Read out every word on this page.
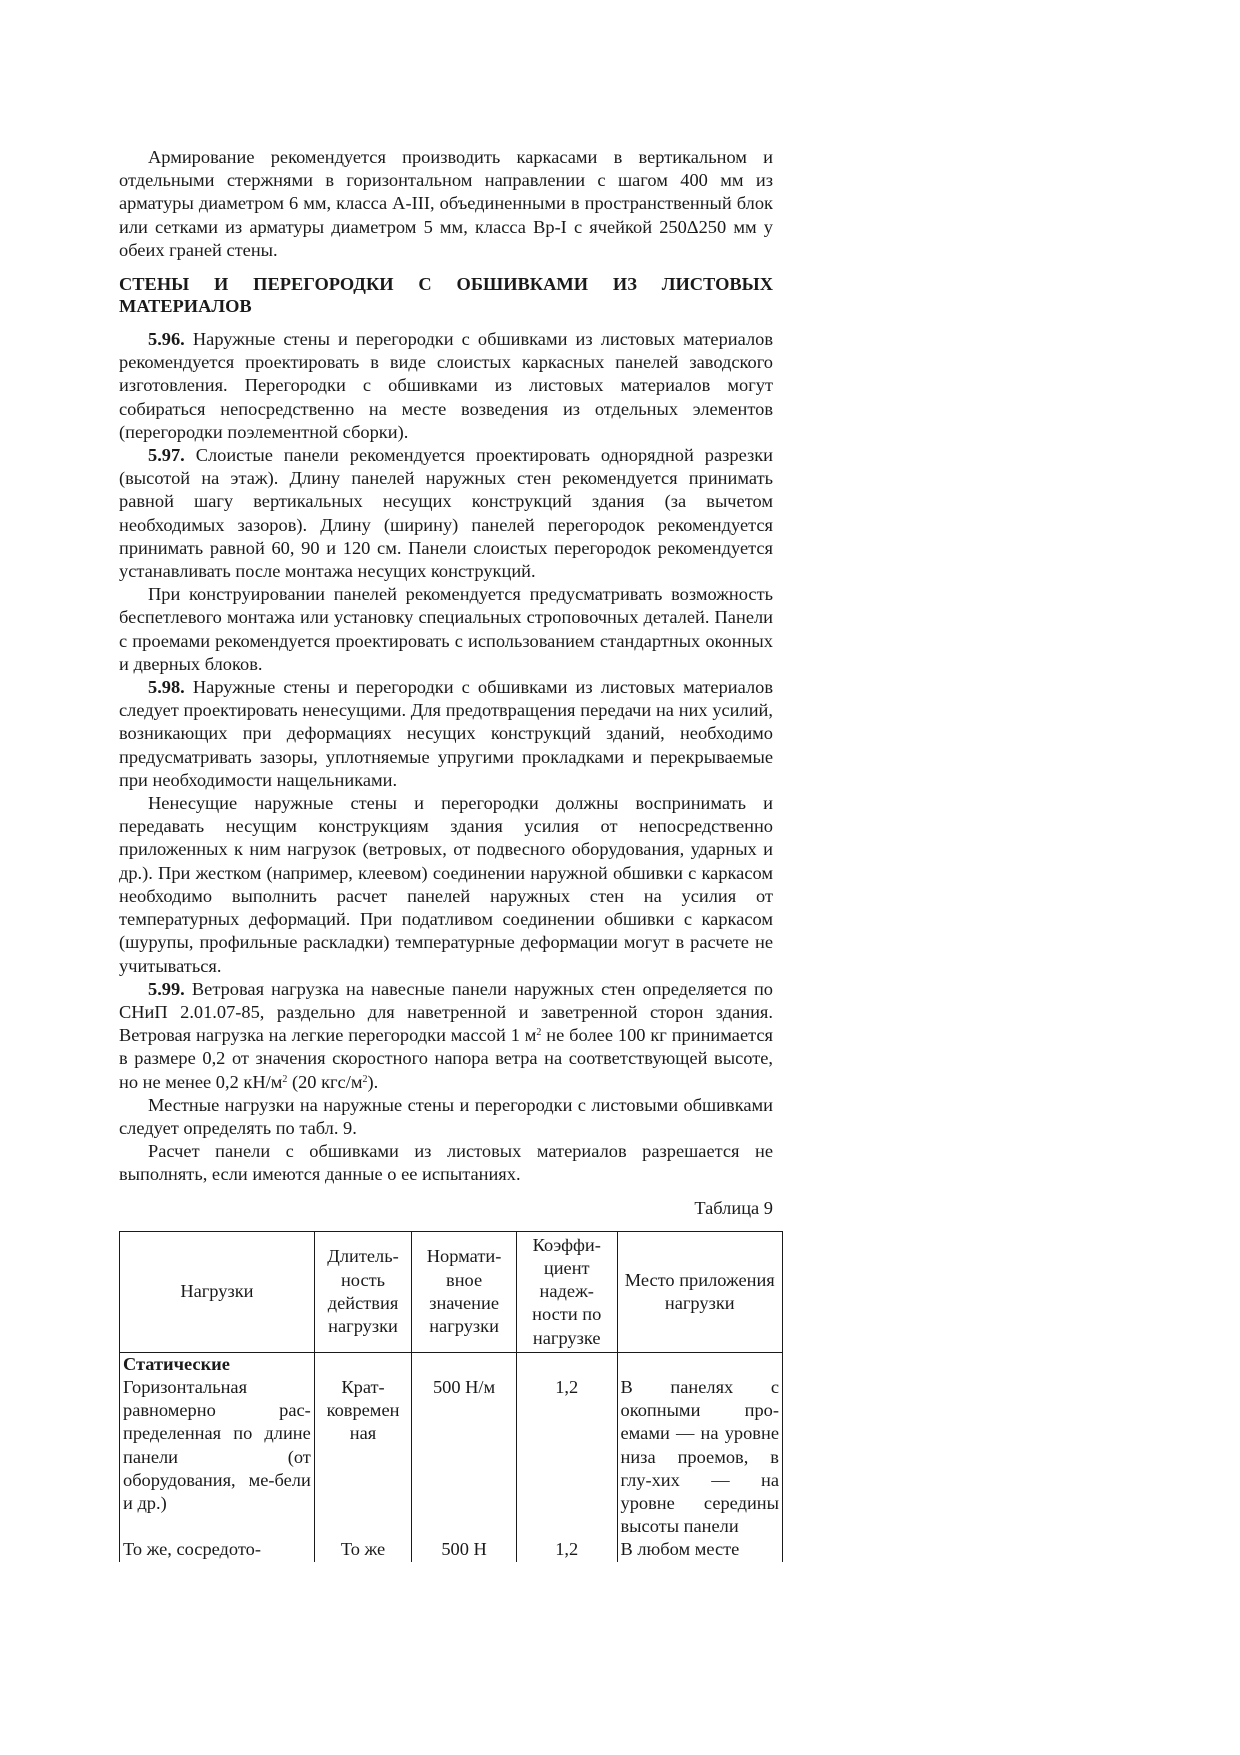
Армирование рекомендуется производить каркасами в вертикальном и отдельными стержнями в горизонтальном направлении с шагом 400 мм из арматуры диаметром 6 мм, класса A-III, объединенными в пространственный блок или сетками из арматуры диаметром 5 мм, класса Вр-I с ячейкой 250Δ250 мм у обеих граней стены.

СТЕНЫ И ПЕРЕГОРОДКИ С ОБШИВКАМИ ИЗ ЛИСТОВЫХ МАТЕРИАЛОВ

5.96. Наружные стены и перегородки с обшивками из листовых материалов рекомендуется проектировать в виде слоистых каркасных панелей заводского изготовления. Перегородки с обшивками из листовых материалов могут собираться непосредственно на месте возведения из отдельных элементов (перегородки поэлементной сборки).

5.97. Слоистые панели рекомендуется проектировать однорядной разрезки (высотой на этаж). Длину панелей наружных стен рекомендуется принимать равной шагу вертикальных несущих конструкций здания (за вычетом необходимых зазоров). Длину (ширину) панелей перегородок рекомендуется принимать равной 60, 90 и 120 см. Панели слоистых перегородок рекомендуется устанавливать после монтажа несущих конструкций.

При конструировании панелей рекомендуется предусматривать возможность беспетлевого монтажа или установку специальных строповочных деталей. Панели с проемами рекомендуется проектировать с использованием стандартных оконных и дверных блоков.

5.98. Наружные стены и перегородки с обшивками из листовых материалов следует проектировать ненесущими. Для предотвращения передачи на них усилий, возникающих при деформациях несущих конструкций зданий, необходимо предусматривать зазоры, уплотняемые упругими прокладками и перекрываемые при необходимости нащельниками.

Ненесущие наружные стены и перегородки должны воспринимать и передавать несущим конструкциям здания усилия от непосредственно приложенных к ним нагрузок (ветровых, от подвесного оборудования, ударных и др.). При жестком (например, клеевом) соединении наружной обшивки с каркасом необходимо выполнить расчет панелей наружных стен на усилия от температурных деформаций. При податливом соединении обшивки с каркасом (шурупы, профильные раскладки) температурные деформации могут в расчете не учитываться.

5.99. Ветровая нагрузка на навесные панели наружных стен определяется по СНиП 2.01.07-85, раздельно для наветренной и заветренной сторон здания. Ветровая нагрузка на легкие перегородки массой 1 $м^2$ не более 100 кг принимается в размере 0,2 от значения скоростного напора ветра на соответствующей высоте, но не менее 0,2 $кН/м^2$ (20 кгс/$м^2$).

Местные нагрузки на наружные стены и перегородки с листовыми обшивками следует определять по табл. 9.

Расчет панели с обшивками из листовых материалов разрешается не выполнять, если имеются данные о ее испытаниях.

Таблица 9
Нагрузки	Длитель-ность действия нагрузки	Нормати-вное значение нагрузки	Коэффи-циент надеж-ности по нагрузке	Место приложения нагрузки

Статические
Горизонтальная равномерно рас-пределенная по длине панели (от оборудования, ме-бели и др.)	Крат-ковремен ная	500 Н/м	1,2	В панелях с окопными про-емами — на уровне низа проемов, в глу-хих — на уровне середины высоты панели
То же, сосредото-	То же	500 Н	1,2	В любом месте
